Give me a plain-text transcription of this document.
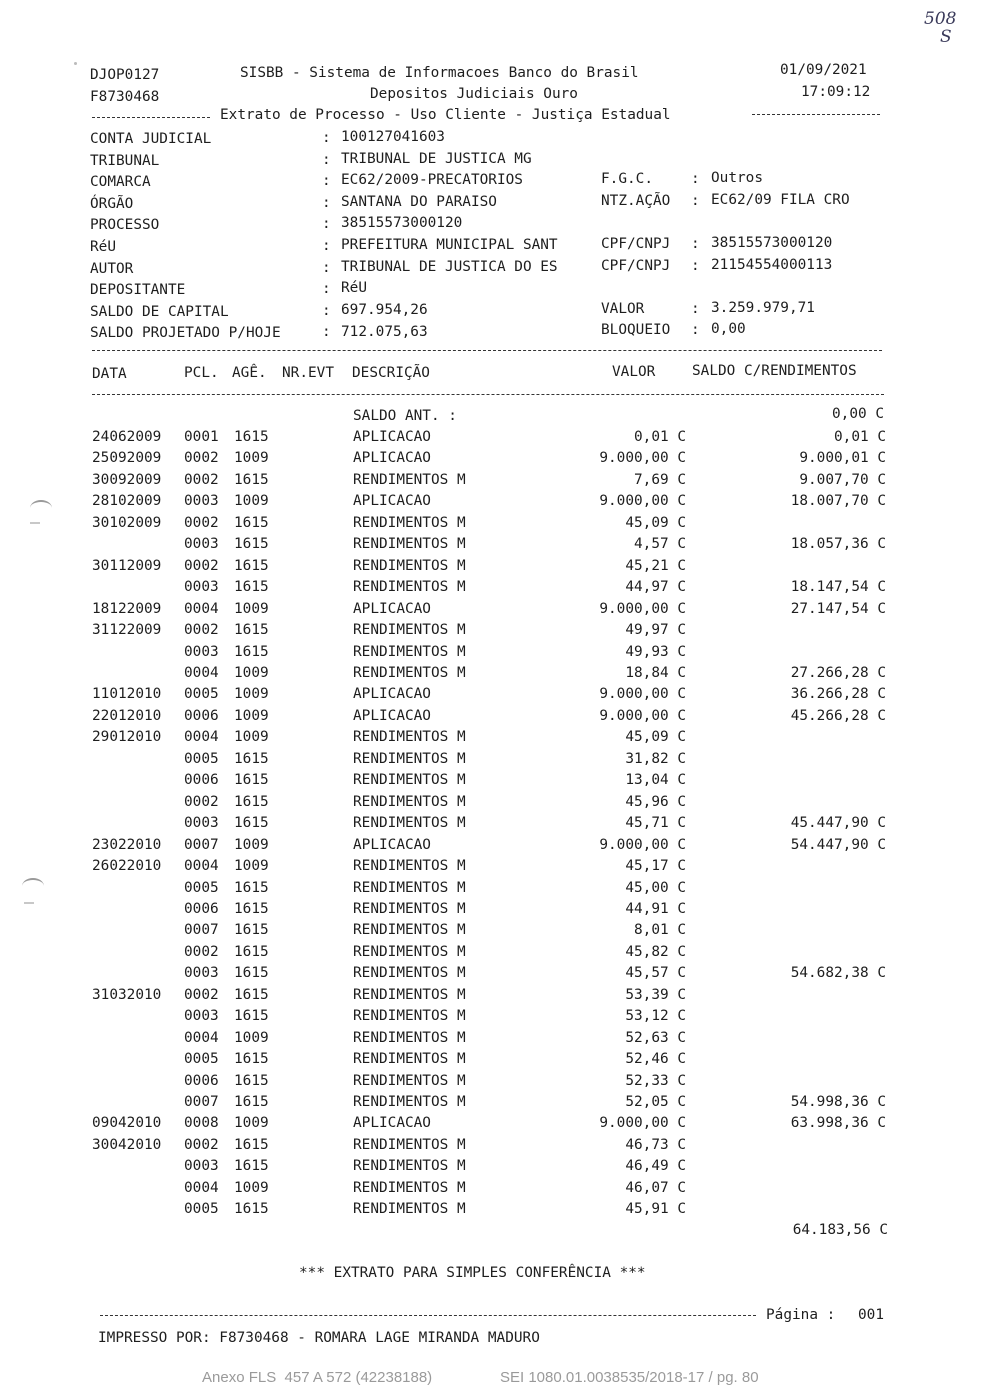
508
S
DJOP0127	SISBB - Sistema de Informacoes Banco do Brasil	01/09/2021
F8730468	Depositos Judiciais Ouro	17:09:12
Extrato de Processo - Uso Cliente - Justiça Estadual
CONTA JUDICIAL	: 100127041603
TRIBUNAL	: TRIBUNAL DE JUSTICA MG
COMARCA	: EC62/2009-PRECATORIOS	F.G.C.	: Outros
ÓRGÃO	: SANTANA DO PARAISO	NTZ.AÇÃO : EC62/09 FILA CRO
PROCESSO	: 38515573000120
RéU	: PREFEITURA MUNICIPAL SANT	CPF/CNPJ : 38515573000120
AUTOR	: TRIBUNAL DE JUSTICA DO ES	CPF/CNPJ : 21154554000113
DEPOSITANTE	: RéU
SALDO DE CAPITAL	: 697.954,26	VALOR	: 3.259.979,71
SALDO PROJETADO P/HOJE	: 712.075,63	BLOQUEIO : 0,00
DATA	PCL. AGÊ. NR.EVT DESCRIÇÃO	VALOR	SALDO C/RENDIMENTOS
SALDO ANT. :	0,00 C
24062009 0001 1615	APLICACAO	0,01 C	0,01 C
25092009 0002 1009	APLICACAO	9.000,00 C	9.000,01 C
30092009 0002 1615	RENDIMENTOS M	7,69 C	9.007,70 C
28102009 0003 1009	APLICACAO	9.000,00 C	18.007,70 C
30102009 0002 1615	RENDIMENTOS M	45,09 C
0003 1615	RENDIMENTOS M	4,57 C	18.057,36 C
30112009 0002 1615	RENDIMENTOS M	45,21 C
0003 1615	RENDIMENTOS M	44,97 C	18.147,54 C
18122009 0004 1009	APLICACAO	9.000,00 C	27.147,54 C
31122009 0002 1615	RENDIMENTOS M	49,97 C
0003 1615	RENDIMENTOS M	49,93 C
0004 1009	RENDIMENTOS M	18,84 C	27.266,28 C
11012010 0005 1009	APLICACAO	9.000,00 C	36.266,28 C
22012010 0006 1009	APLICACAO	9.000,00 C	45.266,28 C
29012010 0004 1009	RENDIMENTOS M	45,09 C
0005 1615	RENDIMENTOS M	31,82 C
0006 1615	RENDIMENTOS M	13,04 C
0002 1615	RENDIMENTOS M	45,96 C
0003 1615	RENDIMENTOS M	45,71 C	45.447,90 C
23022010 0007 1009	APLICACAO	9.000,00 C	54.447,90 C
26022010 0004 1009	RENDIMENTOS M	45,17 C
0005 1615	RENDIMENTOS M	45,00 C
0006 1615	RENDIMENTOS M	44,91 C
0007 1615	RENDIMENTOS M	8,01 C
0002 1615	RENDIMENTOS M	45,82 C
0003 1615	RENDIMENTOS M	45,57 C	54.682,38 C
31032010 0002 1615	RENDIMENTOS M	53,39 C
0003 1615	RENDIMENTOS M	53,12 C
0004 1009	RENDIMENTOS M	52,63 C
0005 1615	RENDIMENTOS M	52,46 C
0006 1615	RENDIMENTOS M	52,33 C
0007 1615	RENDIMENTOS M	52,05 C	54.998,36 C
09042010 0008 1009	APLICACAO	9.000,00 C	63.998,36 C
30042010 0002 1615	RENDIMENTOS M	46,73 C
0003 1615	RENDIMENTOS M	46,49 C
0004 1009	RENDIMENTOS M	46,07 C
0005 1615	RENDIMENTOS M	45,91 C
64.183,56 C
*** EXTRATO PARA SIMPLES CONFERÊNCIA ***
Página : 001
IMPRESSO POR: F8730468 - ROMARA LAGE MIRANDA MADURO
Anexo FLS  457 A 572 (42238188)	SEI 1080.01.0038535/2018-17 / pg. 80
